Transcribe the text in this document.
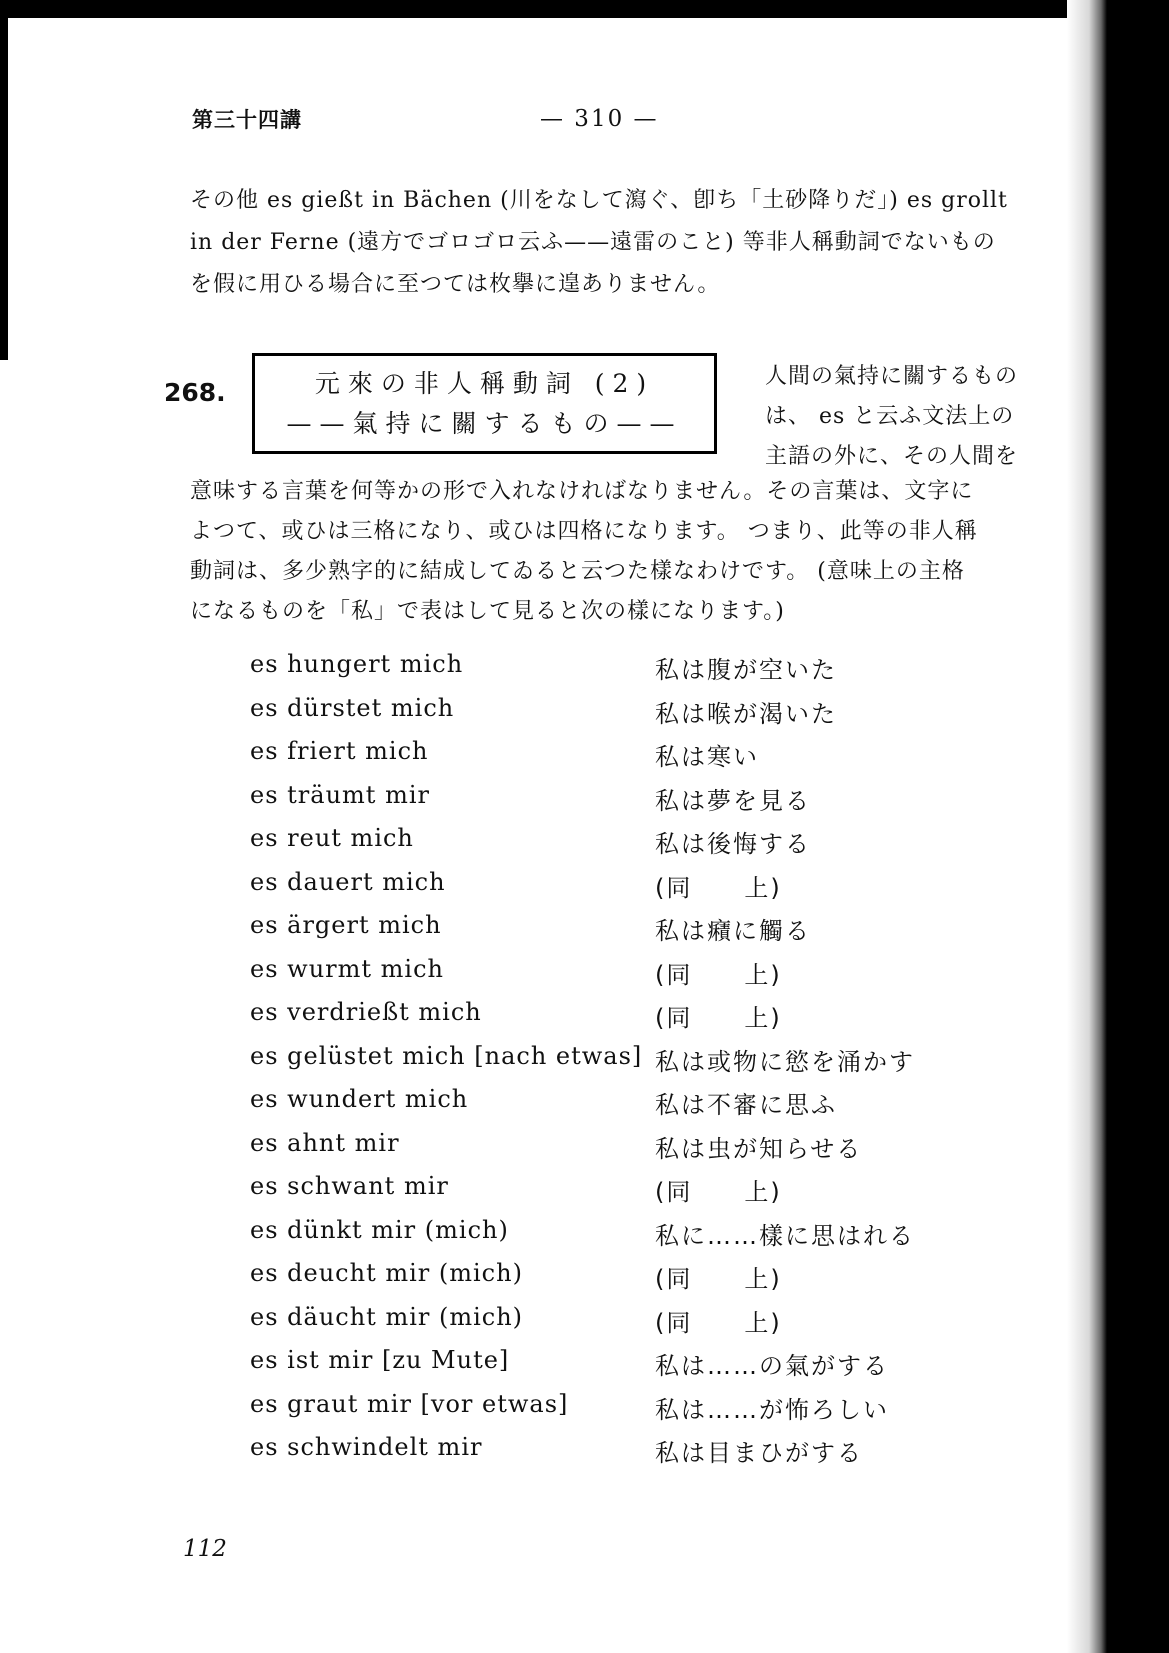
第三十四講	— 310 —

その他 es gießt in Bächen (川をなして瀉ぐ、卽ち「土砂降りだ」) es grollt

in der Ferne (遠方でゴロゴロ云ふ——遠雷のこと) 等非人稱動詞でないもの

を假に用ひる場合に至つては枚擧に遑ありません。

268.	元來の非人稱動詞 (2)
——氣持に關するもの——
人間の氣持に關するもの
は、 es と云ふ文法上の
主語の外に、その人間を
意味する言葉を何等かの形で入れなければなりません。その言葉は、文字に
よつて、或ひは三格になり、或ひは四格になります。 つまり、此等の非人稱
動詞は、多少熟字的に結成してゐると云つた樣なわけです。 (意味上の主格
になるものを「私」で表はして見ると次の樣になります。)
es hungert mich	私は腹が空いた
es dürstet mich	私は喉が渴いた
es friert mich	私は寒い
es träumt mir	私は夢を見る
es reut mich	私は後悔する
es dauert mich	(同　　上)
es ärgert mich	私は癪に觸る
es wurmt mich	(同　　上)
es verdrießt mich	(同　　上)
es gelüstet mich [nach etwas] 私は或物に慾を涌かす
es wundert mich	私は不審に思ふ
es ahnt mir	私は虫が知らせる
es schwant mir	(同　　上)
es dünkt mir (mich)	私に……樣に思はれる
es deucht mir (mich)	(同　　上)
es däucht mir (mich)	(同　　上)
es ist mir [zu Mute]	私は……の氣がする
es graut mir [vor etwas]	私は……が怖ろしい
es schwindelt mir	私は目まひがする
112
